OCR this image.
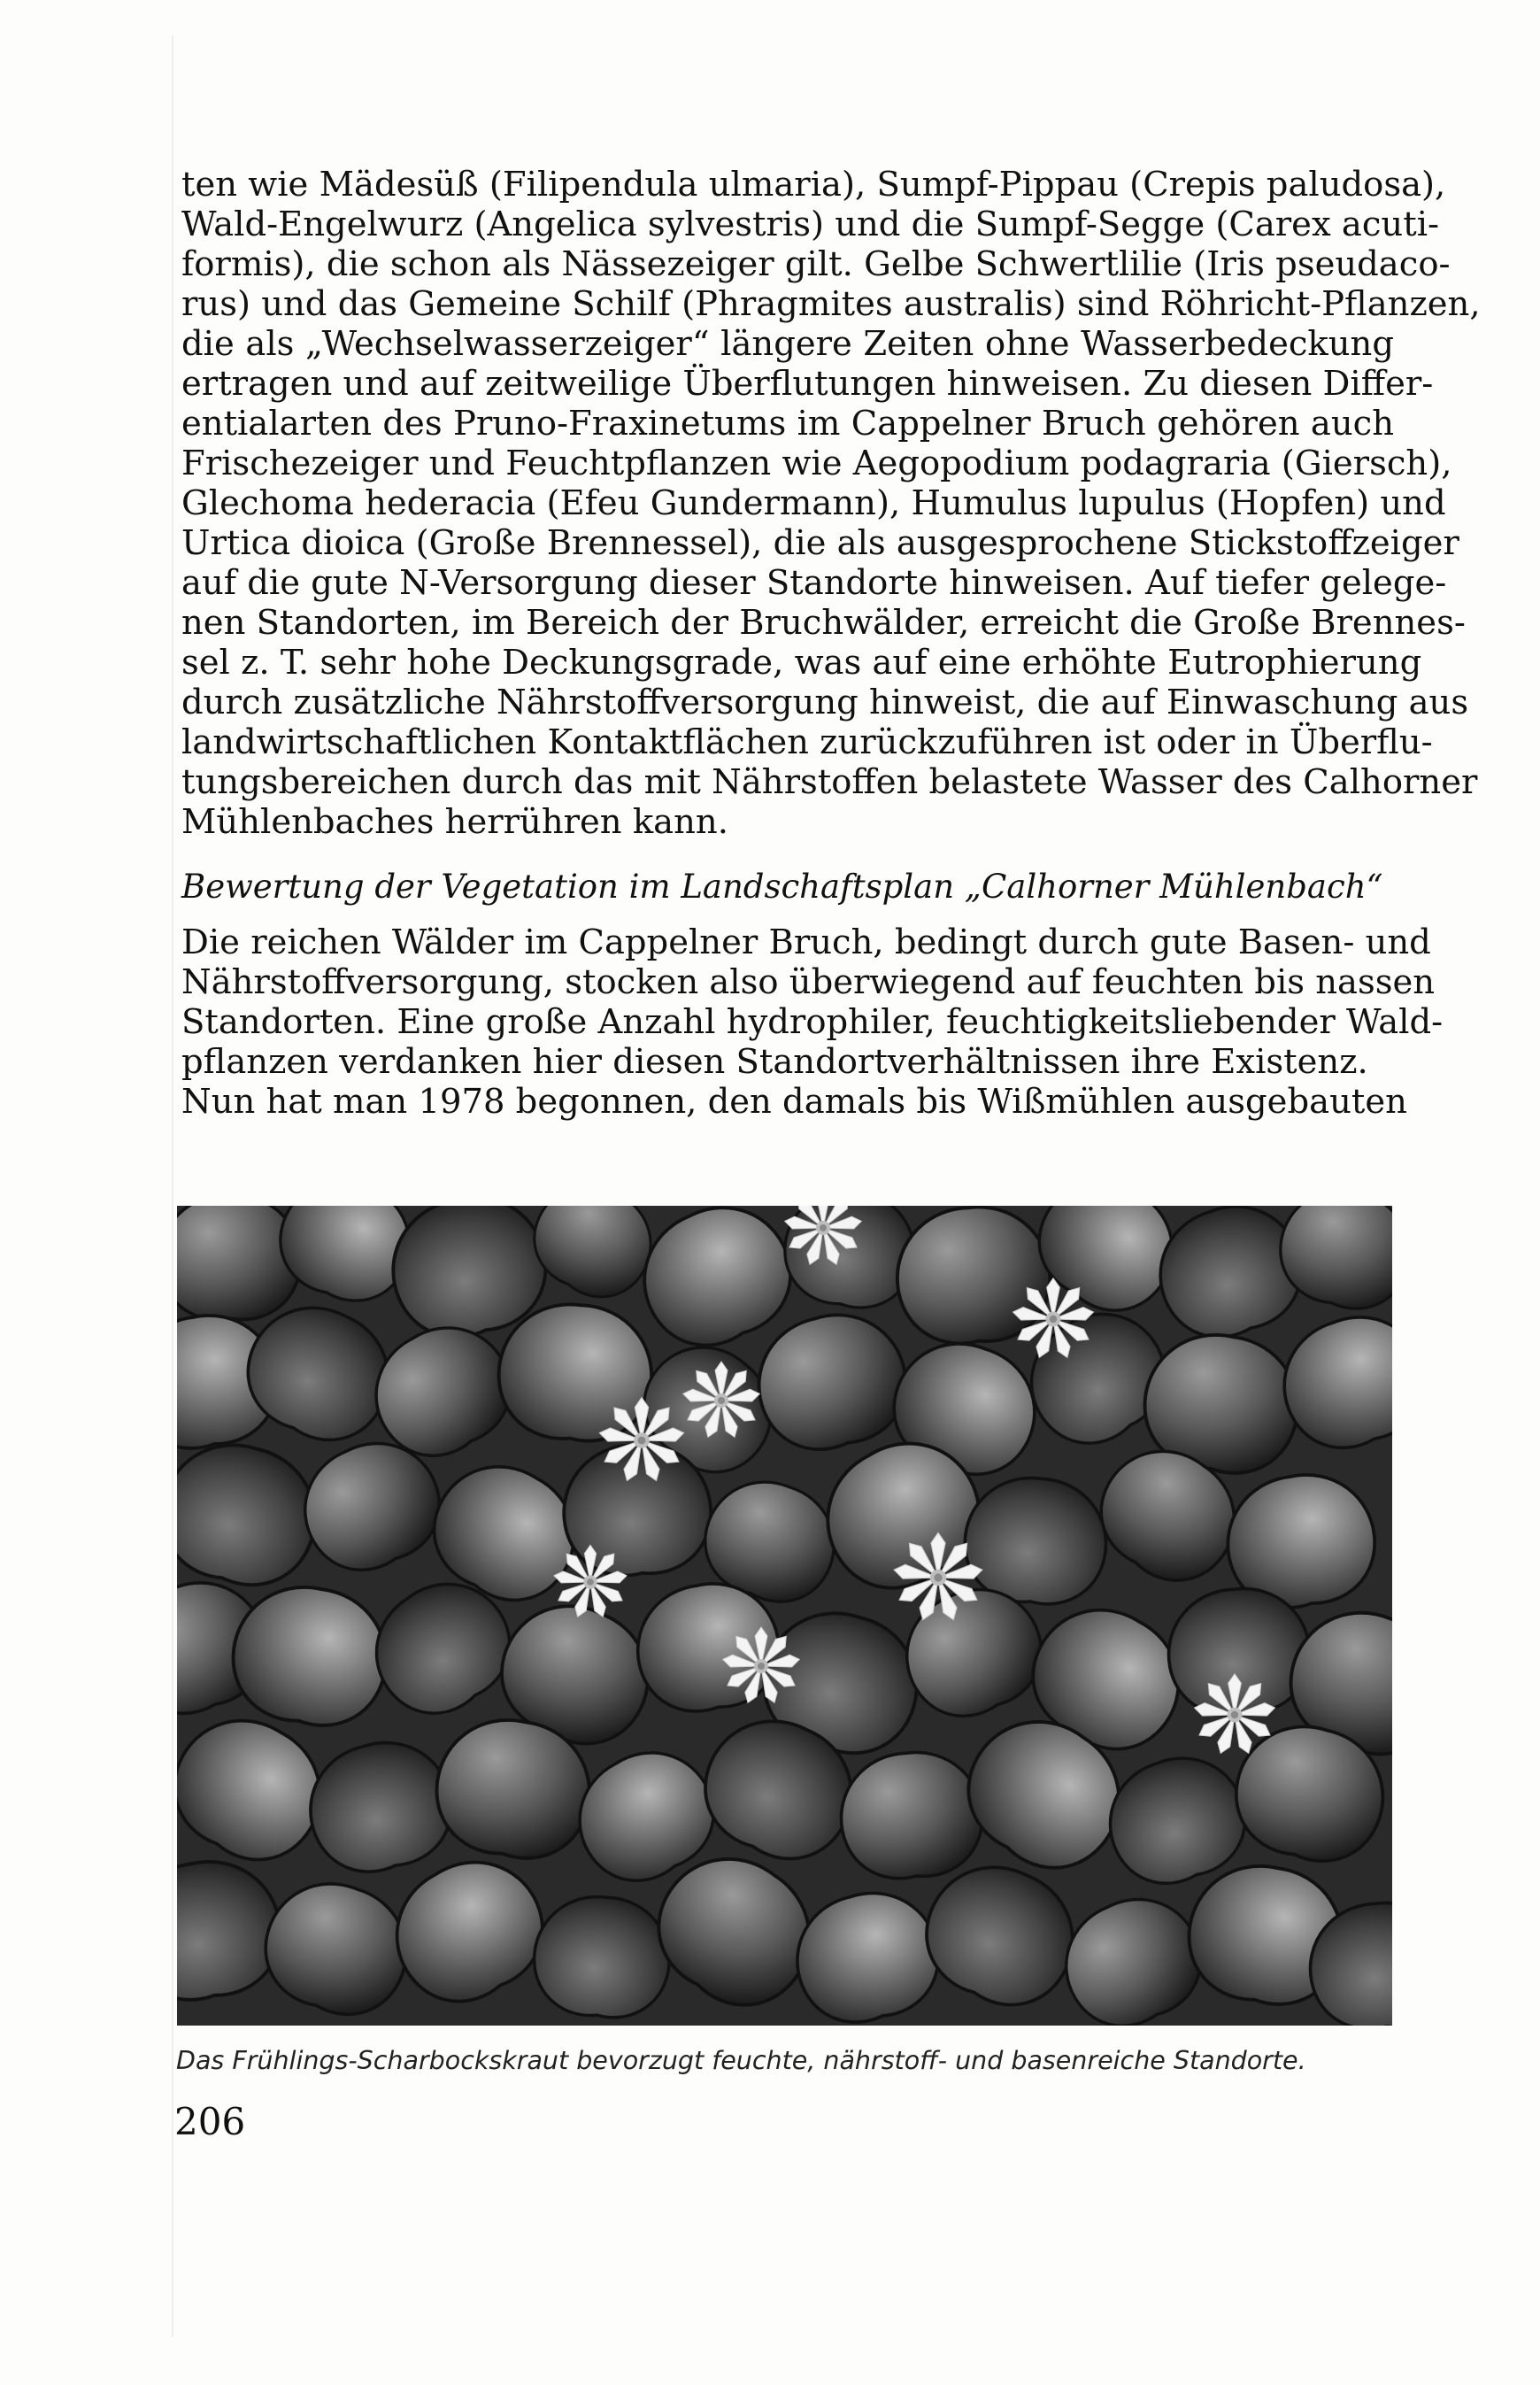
ten wie Mädesüß (Filipendula ulmaria), Sumpf-Pippau (Crepis paludosa),
Wald-Engelwurz (Angelica sylvestris) und die Sumpf-Segge (Carex acuti-
formis), die schon als Nässezeiger gilt. Gelbe Schwertlilie (Iris pseudaco-
rus) und das Gemeine Schilf (Phragmites australis) sind Röhricht-Pflanzen,
die als „Wechselwasserzeiger“ längere Zeiten ohne Wasserbedeckung
ertragen und auf zeitweilige Überflutungen hinweisen. Zu diesen Differ-
entialarten des Pruno-Fraxinetums im Cappelner Bruch gehören auch
Frischezeiger und Feuchtpflanzen wie Aegopodium podagraria (Giersch),
Glechoma hederacia (Efeu Gundermann), Humulus lupulus (Hopfen) und
Urtica dioica (Große Brennessel), die als ausgesprochene Stickstoffzeiger
auf die gute N-Versorgung dieser Standorte hinweisen. Auf tiefer gelege-
nen Standorten, im Bereich der Bruchwälder, erreicht die Große Brennes-
sel z. T. sehr hohe Deckungsgrade, was auf eine erhöhte Eutrophierung
durch zusätzliche Nährstoffversorgung hinweist, die auf Einwaschung aus
landwirtschaftlichen Kontaktflächen zurückzuführen ist oder in Überflu-
tungsbereichen durch das mit Nährstoffen belastete Wasser des Calhorner
Mühlenbaches herrühren kann.
Bewertung der Vegetation im Landschaftsplan „Calhorner Mühlenbach“
Die reichen Wälder im Cappelner Bruch, bedingt durch gute Basen- und
Nährstoffversorgung, stocken also überwiegend auf feuchten bis nassen
Standorten. Eine große Anzahl hydrophiler, feuchtigkeitsliebender Wald-
pflanzen verdanken hier diesen Standortverhältnissen ihre Existenz.
Nun hat man 1978 begonnen, den damals bis Wißmühlen ausgebauten
Das Frühlings-Scharbockskraut bevorzugt feuchte, nährstoff- und basenreiche Standorte.
206
